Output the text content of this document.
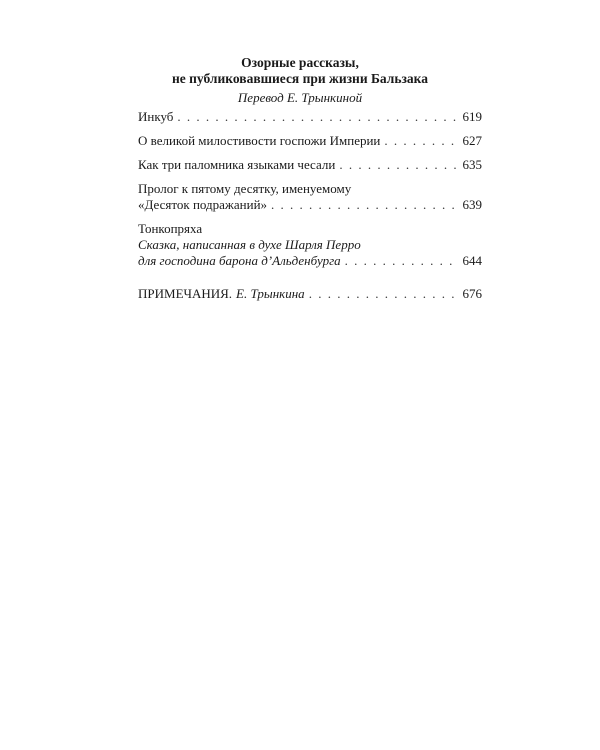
Озорные рассказы,
не публиковавшиеся при жизни Бальзака
Перевод Е. Трынкиной
Инкуб . . .	619
О великой милостивости госпожи Империи . . .	627
Как три паломника языками чесали . . .	635
Пролог к пятому десятку, именуемому
«Десяток подражаний» . . .	639
Тонкопряха
Сказка, написанная в духе Шарля Перро
для господина барона д’Альденбурга . . .	644
ПРИМЕЧАНИЯ. Е. Трынкина . . .	676
